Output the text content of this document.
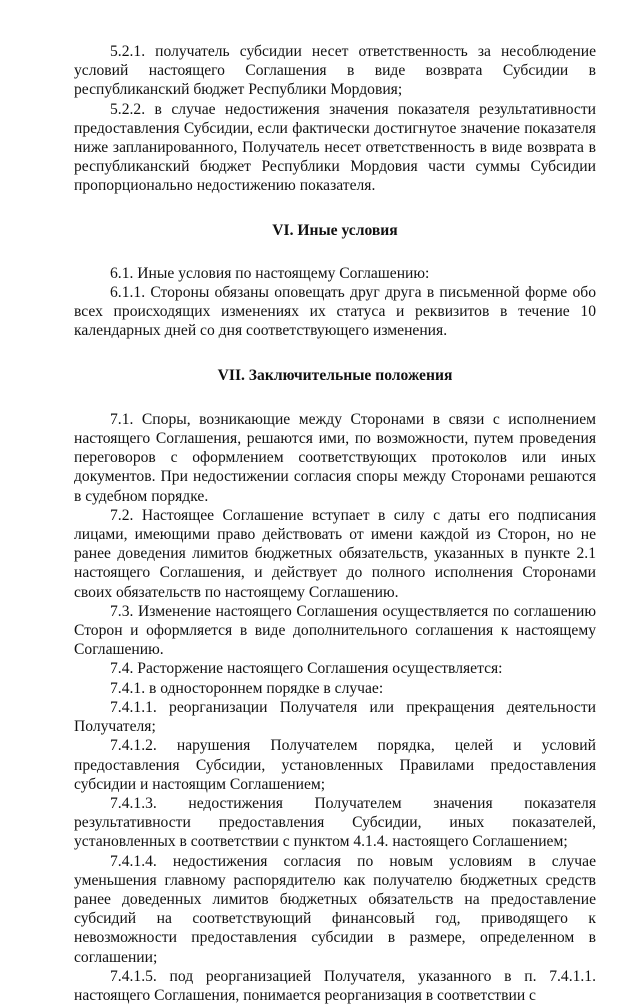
5.2.1. получатель субсидии несет ответственность за несоблюдение условий настоящего Соглашения в виде возврата Субсидии в республиканский бюджет Республики Мордовия;

5.2.2. в случае недостижения значения показателя результативности предоставления Субсидии, если фактически достигнутое значение показателя ниже запланированного, Получатель несет ответственность в виде возврата в республиканский бюджет Республики Мордовия части суммы Субсидии пропорционально недостижению показателя.

VI. Иные условия

6.1. Иные условия по настоящему Соглашению:

6.1.1. Стороны обязаны оповещать друг друга в письменной форме обо всех происходящих изменениях их статуса и реквизитов в течение 10 календарных дней со дня соответствующего изменения.

VII. Заключительные положения

7.1. Споры, возникающие между Сторонами в связи с исполнением настоящего Соглашения, решаются ими, по возможности, путем проведения переговоров с оформлением соответствующих протоколов или иных документов. При недостижении согласия споры между Сторонами решаются в судебном порядке.

7.2. Настоящее Соглашение вступает в силу с даты его подписания лицами, имеющими право действовать от имени каждой из Сторон, но не ранее доведения лимитов бюджетных обязательств, указанных в пункте 2.1 настоящего Соглашения, и действует до полного исполнения Сторонами своих обязательств по настоящему Соглашению.

7.3. Изменение настоящего Соглашения осуществляется по соглашению Сторон и оформляется в виде дополнительного соглашения к настоящему Соглашению.

7.4. Расторжение настоящего Соглашения осуществляется:

7.4.1. в одностороннем порядке в случае:

7.4.1.1. реорганизации Получателя или прекращения деятельности Получателя;

7.4.1.2. нарушения Получателем порядка, целей и условий предоставления Субсидии, установленных Правилами предоставления субсидии и настоящим Соглашением;

7.4.1.3. недостижения Получателем значения показателя результативности предоставления Субсидии, иных показателей, установленных в соответствии с пунктом 4.1.4. настоящего Соглашением;

7.4.1.4. недостижения согласия по новым условиям в случае уменьшения главному распорядителю как получателю бюджетных средств ранее доведенных лимитов бюджетных обязательств на предоставление субсидий на соответствующий финансовый год, приводящего к невозможности предоставления субсидии в размере, определенном в соглашении;

7.4.1.5. под реорганизацией Получателя, указанного в п. 7.4.1.1. настоящего Соглашения, понимается реорганизация в соответствии с
